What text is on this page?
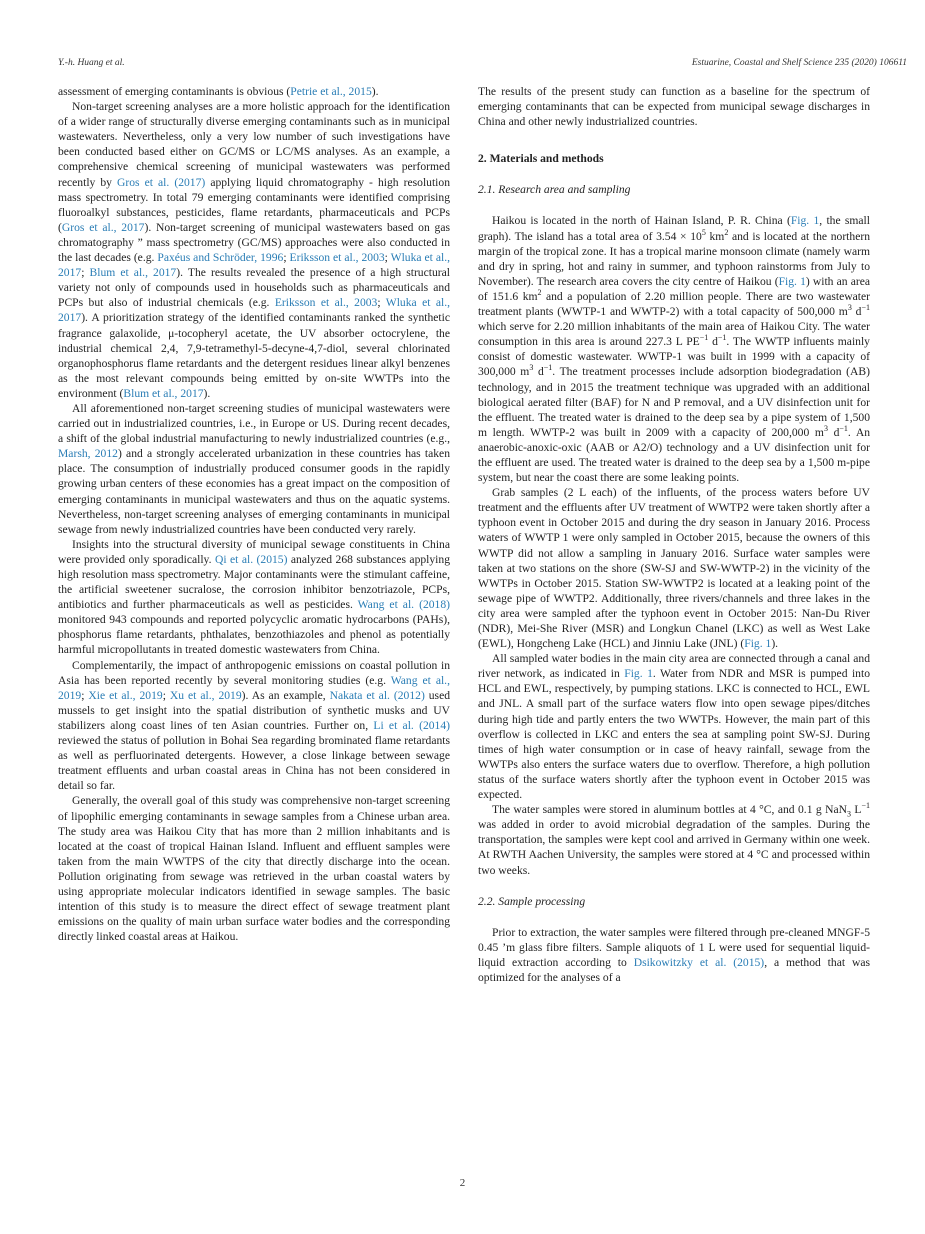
Y.-h. Huang et al.	Estuarine, Coastal and Shelf Science 235 (2020) 106611

assessment of emerging contaminants is obvious (Petrie et al., 2015).

Non-target screening analyses are a more holistic approach for the identification of a wider range of structurally diverse emerging contaminants such as in municipal wastewaters. Nevertheless, only a very low number of such investigations have been conducted based either on GC/MS or LC/MS analyses. As an example, a comprehensive chemical screening of municipal wastewaters was performed recently by Gros et al. (2017) applying liquid chromatography - high resolution mass spectrometry. In total 79 emerging contaminants were identified comprising fluoroalkyl substances, pesticides, flame retardants, pharmaceuticals and PCPs (Gros et al., 2017). Non-target screening of municipal wastewaters based on gas chromatography ” mass spectrometry (GC/MS) approaches were also conducted in the last decades (e.g. Paxéus and Schröder, 1996; Eriksson et al., 2003; Wluka et al., 2017; Blum et al., 2017). The results revealed the presence of a high structural variety not only of compounds used in households such as pharmaceuticals and PCPs but also of industrial chemicals (e.g. Eriksson et al., 2003; Wluka et al., 2017). A prioritization strategy of the identified contaminants ranked the synthetic fragrance galaxolide, μ-tocopheryl acetate, the UV absorber octocrylene, the industrial chemical 2,4, 7,9-tetramethyl-5-decyne-4,7-diol, several chlorinated organophosphorus flame retardants and the detergent residues linear alkyl benzenes as the most relevant compounds being emitted by on-site WWTPs into the environment (Blum et al., 2017).

All aforementioned non-target screening studies of municipal wastewaters were carried out in industrialized countries, i.e., in Europe or US. During recent decades, a shift of the global industrial manufacturing to newly industrialized countries (e.g., Marsh, 2012) and a strongly accelerated urbanization in these countries has taken place. The consumption of industrially produced consumer goods in the rapidly growing urban centers of these economies has a great impact on the composition of emerging contaminants in municipal wastewaters and thus on the aquatic systems. Nevertheless, non-target screening analyses of emerging contaminants in municipal sewage from newly industrialized countries have been conducted very rarely.

Insights into the structural diversity of municipal sewage constituents in China were provided only sporadically. Qi et al. (2015) analyzed 268 substances applying high resolution mass spectrometry. Major contaminants were the stimulant caffeine, the artificial sweetener sucralose, the corrosion inhibitor benzotriazole, PCPs, antibiotics and further pharmaceuticals as well as pesticides. Wang et al. (2018) monitored 943 compounds and reported polycyclic aromatic hydrocarbons (PAHs), phosphorus flame retardants, phthalates, benzothiazoles and phenol as potentially harmful micropollutants in treated domestic wastewaters from China.

Complementarily, the impact of anthropogenic emissions on coastal pollution in Asia has been reported recently by several monitoring studies (e.g. Wang et al., 2019; Xie et al., 2019; Xu et al., 2019). As an example, Nakata et al. (2012) used mussels to get insight into the spatial distribution of synthetic musks and UV stabilizers along coast lines of ten Asian countries. Further on, Li et al. (2014) reviewed the status of pollution in Bohai Sea regarding brominated flame retardants as well as perfluorinated detergents. However, a close linkage between sewage treatment effluents and urban coastal areas in China has not been considered in detail so far.

Generally, the overall goal of this study was comprehensive non-target screening of lipophilic emerging contaminants in sewage samples from a Chinese urban area. The study area was Haikou City that has more than 2 million inhabitants and is located at the coast of tropical Hainan Island. Influent and effluent samples were taken from the main WWTPS of the city that directly discharge into the ocean. Pollution originating from sewage was retrieved in the urban coastal waters by using appropriate molecular indicators identified in sewage samples. The basic intention of this study is to measure the direct effect of sewage treatment plant emissions on the quality of main urban surface water bodies and the corresponding directly linked coastal areas at Haikou.

The results of the present study can function as a baseline for the spectrum of emerging contaminants that can be expected from municipal sewage discharges in China and other newly industrialized countries.

2. Materials and methods
2.1. Research area and sampling

Haikou is located in the north of Hainan Island, P. R. China (Fig. 1, the small graph). The island has a total area of $3.54 \times 10^5$ $km^2$ and is located at the northern margin of the tropical zone. It has a tropical marine monsoon climate (namely warm and dry in spring, hot and rainy in summer, and typhoon rainstorms from July to November). The research area covers the city centre of Haikou (Fig. 1) with an area of 151.6 $km^2$ and a population of 2.20 million people. There are two wastewater treatment plants (WWTP-1 and WWTP-2) with a total capacity of 500,000 $m^3$ $d^{-1}$ which serve for 2.20 million inhabitants of the main area of Haikou City. The water consumption in this area is around 227.3 L $PE^{-1}$ $d^{-1}$. The WWTP influents mainly consist of domestic wastewater. WWTP-1 was built in 1999 with a capacity of 300,000 $m^3$ $d^{-1}$. The treatment processes include adsorption biodegradation (AB) technology, and in 2015 the treatment technique was upgraded with an additional biological aerated filter (BAF) for N and P removal, and a UV disinfection unit for the effluent. The treated water is drained to the deep sea by a pipe system of 1,500 m length. WWTP-2 was built in 2009 with a capacity of 200,000 $m^3$ $d^{-1}$. An anaerobic-anoxic-oxic (AAB or A2/O) technology and a UV disinfection unit for the effluent are used. The treated water is drained to the deep sea by a 1,500 m-pipe system, but near the coast there are some leaking points.

Grab samples (2 L each) of the influents, of the process waters before UV treatment and the effluents after UV treatment of WWTP2 were taken shortly after a typhoon event in October 2015 and during the dry season in January 2016. Process waters of WWTP 1 were only sampled in October 2015, because the owners of this WWTP did not allow a sampling in January 2016. Surface water samples were taken at two stations on the shore (SW-SJ and SW-WWTP-2) in the vicinity of the WWTPs in October 2015. Station SW-WWTP2 is located at a leaking point of the sewage pipe of WWTP2. Additionally, three rivers/channels and three lakes in the city area were sampled after the typhoon event in October 2015: Nan-Du River (NDR), Mei-She River (MSR) and Longkun Chanel (LKC) as well as West Lake (EWL), Hongcheng Lake (HCL) and Jinniu Lake (JNL) (Fig. 1).

All sampled water bodies in the main city area are connected through a canal and river network, as indicated in Fig. 1. Water from NDR and MSR is pumped into HCL and EWL, respectively, by pumping stations. LKC is connected to HCL, EWL and JNL. A small part of the surface waters flow into open sewage pipes/ditches during high tide and partly enters the two WWTPs. However, the main part of this overflow is collected in LKC and enters the sea at sampling point SW-SJ. During times of high water consumption or in case of heavy rainfall, sewage from the WWTPs also enters the surface waters due to overflow. Therefore, a high pollution status of the surface waters shortly after the typhoon event in October 2015 was expected.

The water samples were stored in aluminum bottles at 4 °C, and 0.1 g NaN$_3$ $L^{-1}$ was added in order to avoid microbial degradation of the samples. During the transportation, the samples were kept cool and arrived in Germany within one week. At RWTH Aachen University, the samples were stored at 4 °C and processed within two weeks.

2.2. Sample processing

Prior to extraction, the water samples were filtered through pre-cleaned MNGF-5 0.45 ’m glass fibre filters. Sample aliquots of 1 L were used for sequential liquid-liquid extraction according to Dsikowitzky et al. (2015), a method that was optimized for the analyses of a

2
